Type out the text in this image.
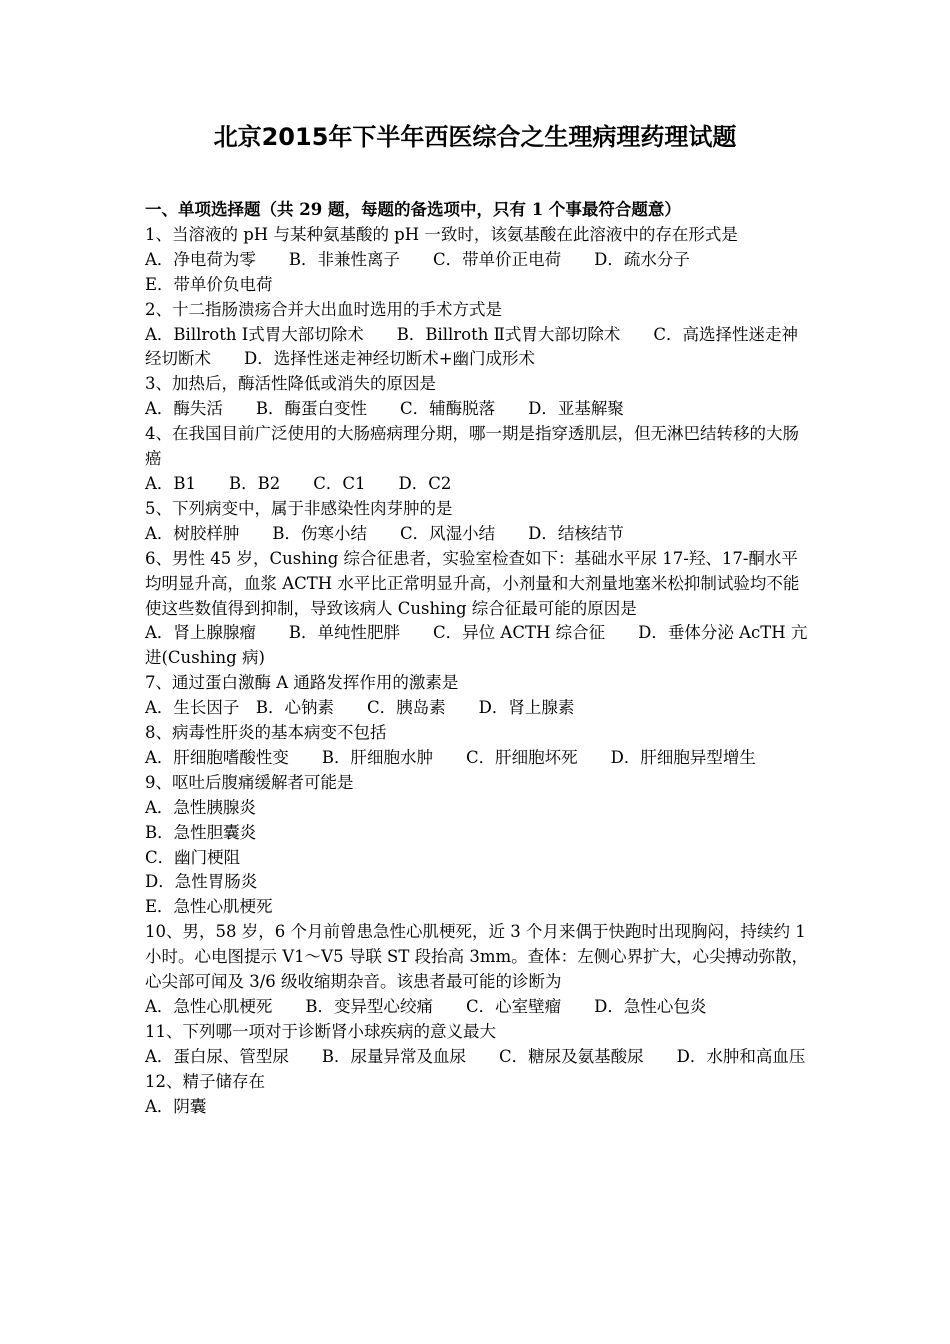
北京2015年下半年西医综合之生理病理药理试题
一、单项选择题（共 29 题，每题的备选项中，只有 1 个事最符合题意）
1、当溶液的 pH 与某种氨基酸的 pH 一致时，该氨基酸在此溶液中的存在形式是
A．净电荷为零　　B．非兼性离子　　C．带单价正电荷　　D．疏水分子
E．带单价负电荷
2、十二指肠溃疡合并大出血时选用的手术方式是
A．Billroth Ⅰ式胃大部切除术　　B．Billroth Ⅱ式胃大部切除术　　C．高选择性迷走神经切断术　　D．选择性迷走神经切断术+幽门成形术
3、加热后，酶活性降低或消失的原因是
A．酶失活　　B．酶蛋白变性　　C．辅酶脱落　　D．亚基解聚
4、在我国目前广泛使用的大肠癌病理分期，哪一期是指穿透肌层，但无淋巴结转移的大肠癌
A．B1　　B．B2　　C．C1　　D．C2
5、下列病变中，属于非感染性肉芽肿的是
A．树胶样肿　　B．伤寒小结　　C．风湿小结　　D．结核结节
6、男性 45 岁，Cushing 综合征患者，实验室检查如下：基础水平尿 17-羟、17-酮水平均明显升高，血浆 ACTH 水平比正常明显升高，小剂量和大剂量地塞米松抑制试验均不能使这些数值得到抑制，导致该病人 Cushing 综合征最可能的原因是
A．肾上腺腺瘤　　B．单纯性肥胖　　C．异位 ACTH 综合征　　D．垂体分泌 AcTH 亢进(Cushing 病)
7、通过蛋白激酶 A 通路发挥作用的激素是
A．生长因子　B．心钠素　　C．胰岛素　　D．肾上腺素
8、病毒性肝炎的基本病变不包括
A．肝细胞嗜酸性变　　B．肝细胞水肿　　C．肝细胞坏死　　D．肝细胞异型增生
9、呕吐后腹痛缓解者可能是
A．急性胰腺炎
B．急性胆囊炎
C．幽门梗阻
D．急性胃肠炎
E．急性心肌梗死
10、男，58 岁，6 个月前曾患急性心肌梗死，近 3 个月来偶于快跑时出现胸闷，持续约 1 小时。心电图提示 V1～V5 导联 ST 段抬高 3mm。查体：左侧心界扩大，心尖搏动弥散，心尖部可闻及 3/6 级收缩期杂音。该患者最可能的诊断为
A．急性心肌梗死　　B．变异型心绞痛　　C．心室壁瘤　　D．急性心包炎
11、下列哪一项对于诊断肾小球疾病的意义最大
A．蛋白尿、管型尿　　B．尿量异常及血尿　　C．糖尿及氨基酸尿　　D．水肿和高血压
12、精子储存在
A．阴囊
